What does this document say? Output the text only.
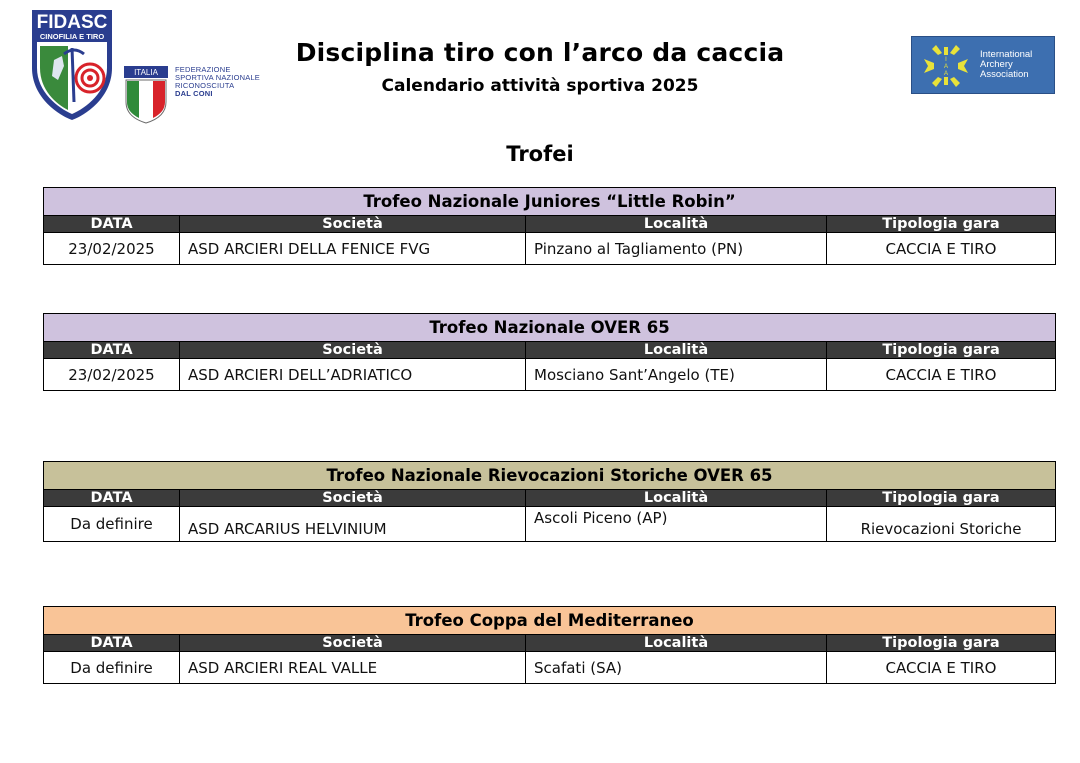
FIDASC
CINOFILIA E TIRO
ITALIA FEDERAZIONE
SPORTIVA NAZIONALE
RICONOSCIUTA
DAL CONI
Disciplina tiro con l’arco da caccia
Calendario attività sportiva 2025
I
A
A
International
Archery
Association
Trofei
Trofeo Nazionale Juniores “Little Robin”			
DATA	Società	Località	Tipologia gara
23/02/2025	ASD ARCIERI DELLA FENICE FVG	Pinzano al Tagliamento (PN)	CACCIA E TIRO
Trofeo Nazionale OVER 65			
DATA	Società	Località	Tipologia gara
23/02/2025	ASD ARCIERI DELL’ADRIATICO	Mosciano Sant’Angelo (TE)	CACCIA E TIRO
Trofeo Nazionale Rievocazioni Storiche OVER 65			
DATA	Società	Località	Tipologia gara
Da definire	ASD ARCARIUS HELVINIUM	Ascoli Piceno (AP)	Rievocazioni Storiche
Trofeo Coppa del Mediterraneo			
DATA	Società	Località	Tipologia gara
Da definire	ASD ARCIERI REAL VALLE	Scafati (SA)	CACCIA E TIRO
